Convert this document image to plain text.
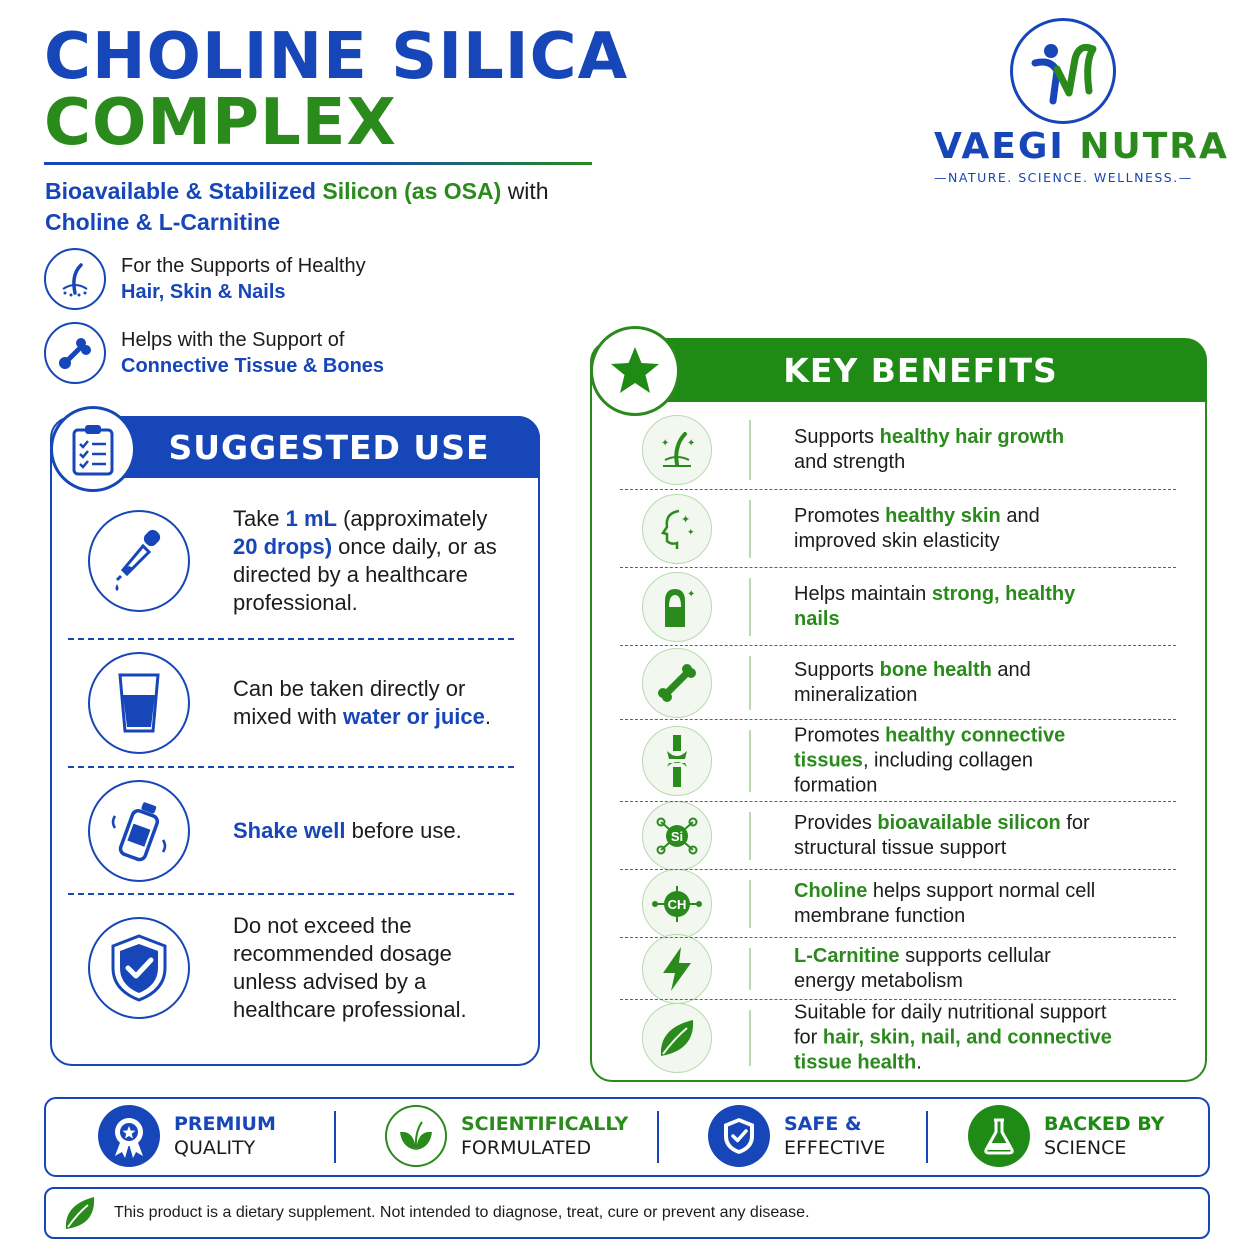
CHOLINE SILICA
COMPLEX
Bioavailable & Stabilized Silicon (as OSA) with
Choline & L-Carnitine
For the Supports of Healthy
Hair, Skin & Nails
Helps with the Support of
Connective Tissue & Bones
VAEGI NUTRA
—NATURE. SCIENCE. WELLNESS.—
SUGGESTED USE
Take 1 mL (approximately 20 drops) once daily, or as directed by a healthcare professional.
Can be taken directly or mixed with water or juice.
Shake well before use.
Do not exceed the recommended dosage unless advised by a healthcare professional.
KEY BENEFITS
✦ ✦	Supports healthy hair growth and strength
✦
✦
Promotes healthy skin and improved skin elasticity
✦	Helps maintain strong, healthy nails
Supports bone health and mineralization
Promotes healthy connective tissues, including collagen formation
Si
Provides bioavailable silicon for structural tissue support
CH
Choline helps support normal cell membrane function
L-Carnitine supports cellular energy metabolism
Suitable for daily nutritional support for hair, skin, nail, and connective tissue health.
PREMIUM
QUALITY
SCIENTIFICALLY
FORMULATED
SAFE &
EFFECTIVE
BACKED BY
SCIENCE
This product is a dietary supplement. Not intended to diagnose, treat, cure or prevent any disease.
